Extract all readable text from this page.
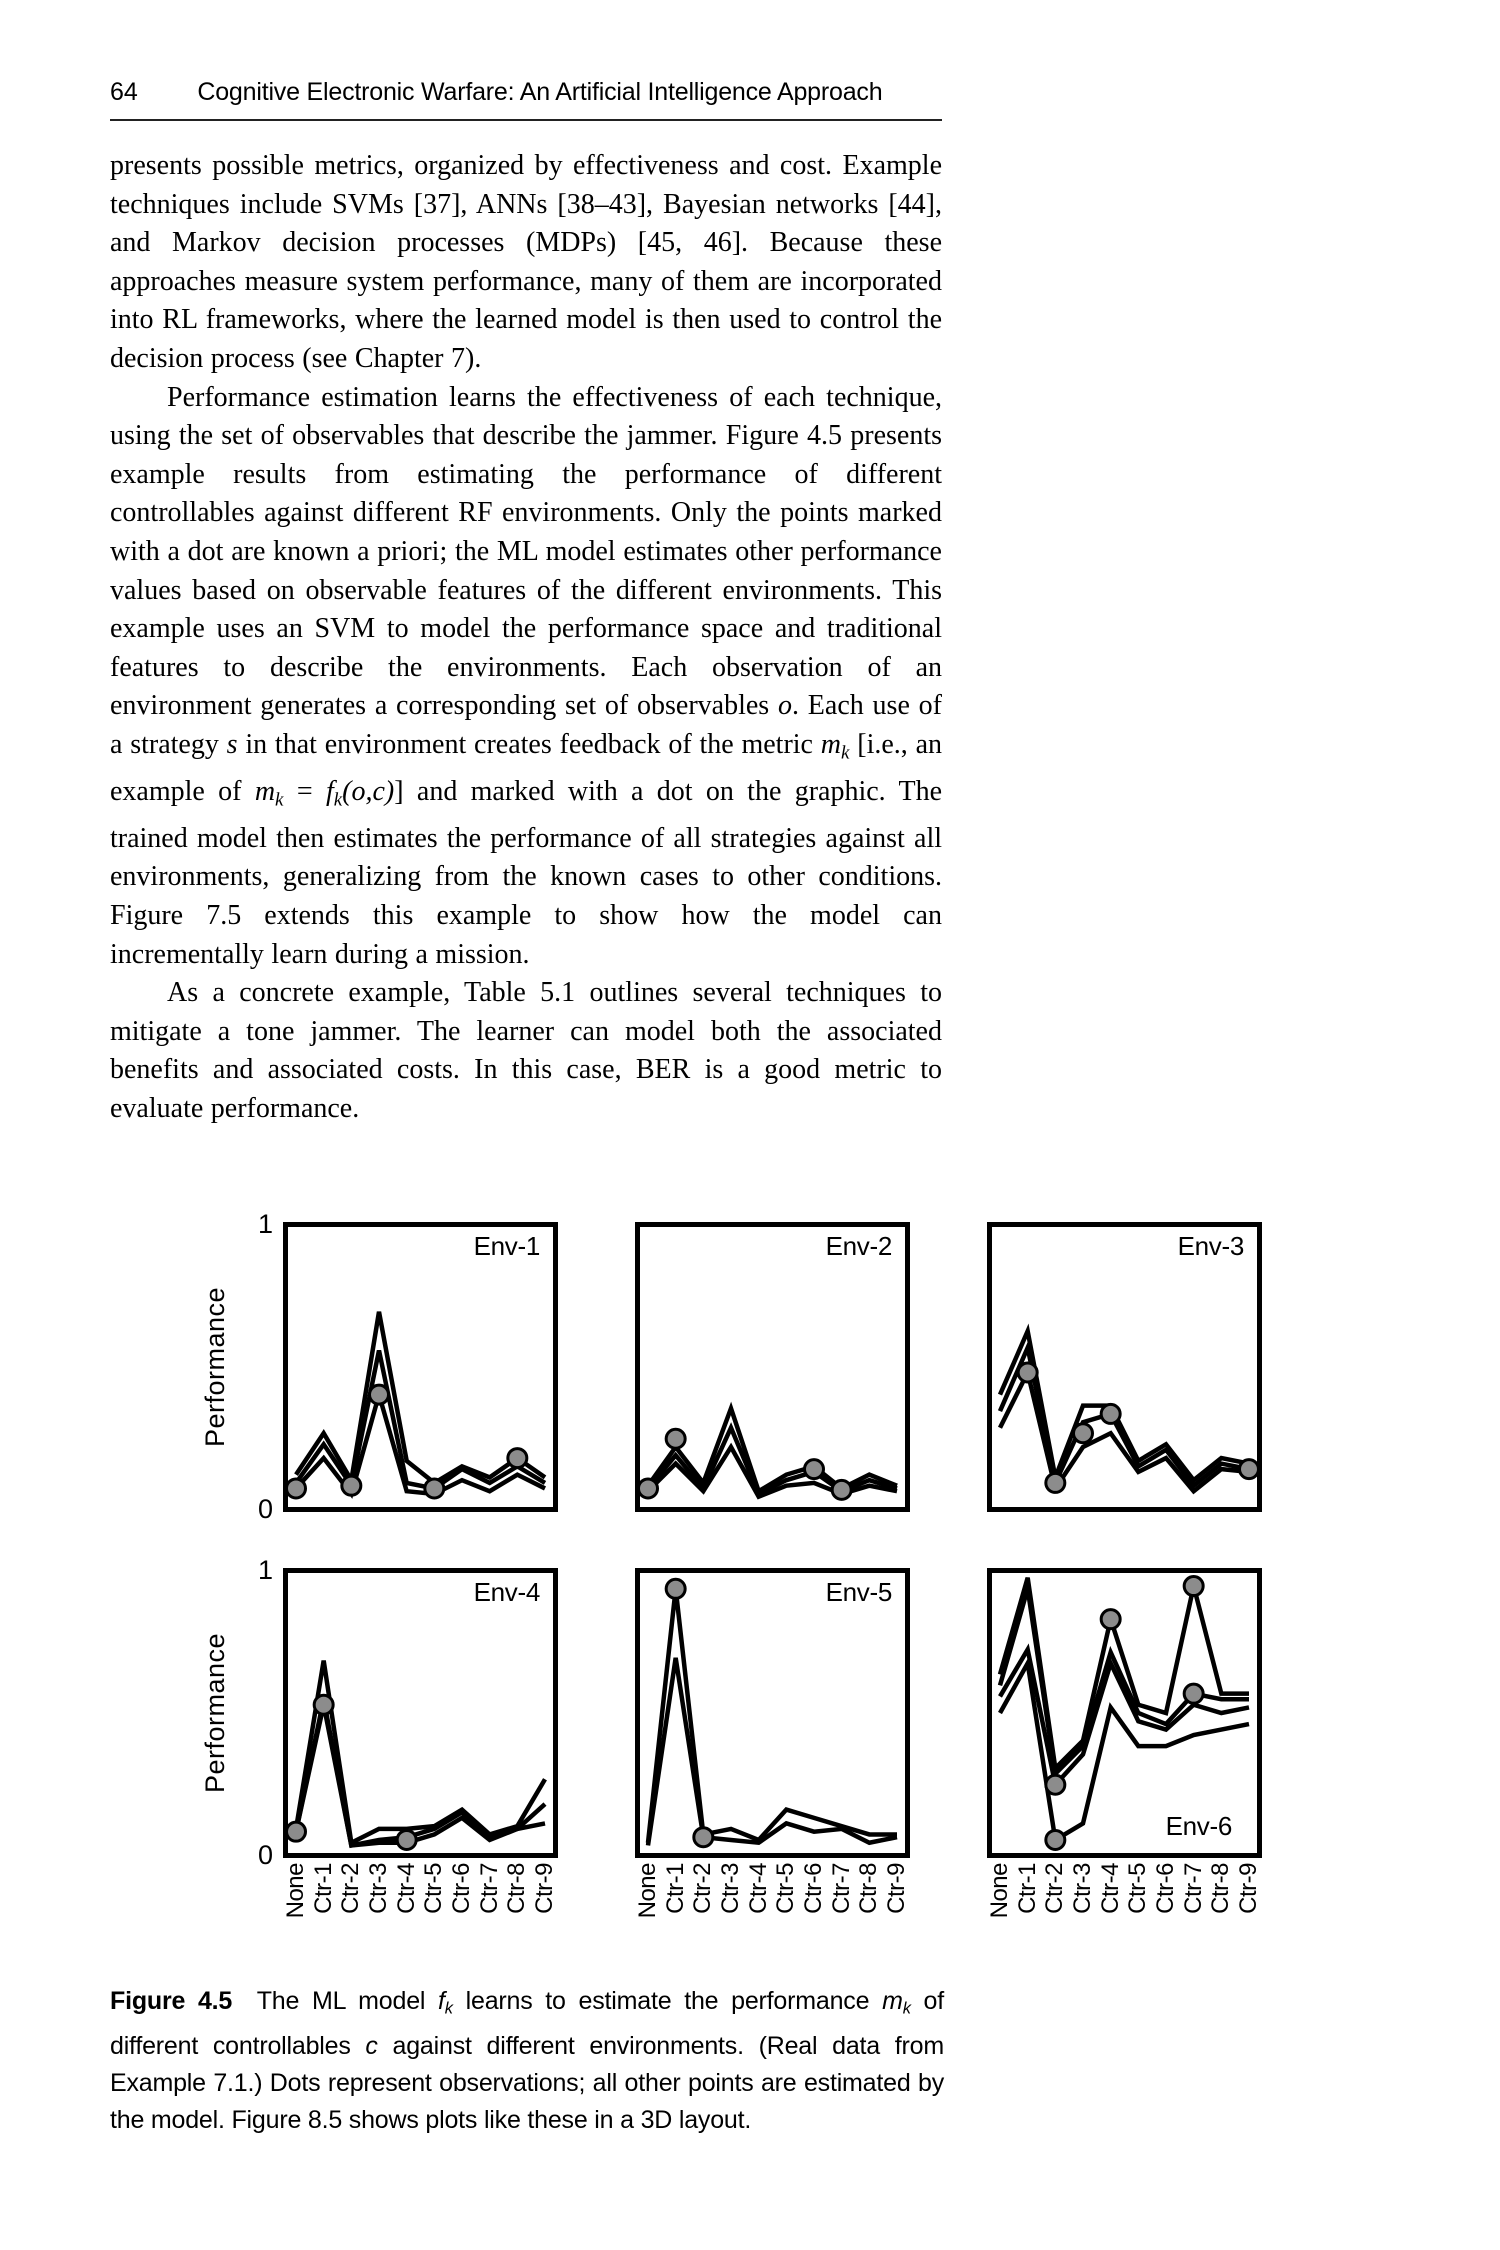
64	Cognitive Electronic Warfare: An Artificial Intelligence Approach

presents possible metrics, organized by effectiveness and cost. Example techniques include SVMs [37], ANNs [38–43], Bayesian networks [44], and Markov decision processes (MDPs) [45, 46]. Because these approaches measure system performance, many of them are incorporated into RL frameworks, where the learned model is then used to control the decision process (see Chapter 7).

Performance estimation learns the effectiveness of each technique, using the set of observables that describe the jammer. Figure 4.5 presents example results from estimating the performance of different controllables against different RF environments. Only the points marked with a dot are known a priori; the ML model estimates other performance values based on observable features of the different environments. This example uses an SVM to model the performance space and traditional features to describe the environments. Each observation of an environment generates a corresponding set of observables o. Each use of a strategy s in that environment creates feedback of the metric mk [i.e., an example of mk = fk(o,c)] and marked with a dot on the graphic. The trained model then estimates the performance of all strategies against all environments, generalizing from the known cases to other conditions. Figure 7.5 extends this example to show how the model can incrementally learn during a mission.

As a concrete example, Table 5.1 outlines several techniques to mitigate a tone jammer. The learner can model both the associated benefits and associated costs. In this case, BER is a good metric to evaluate performance.

1
Performance
0
Env-1	Env-2	Env-3
1
Performance
0
Env-4
None Ctr-1 Ctr-2 Ctr-3 Ctr-4 Ctr-5 Ctr-6 Ctr-7 Ctr-8 Ctr-9
Env-5
None Ctr-1 Ctr-2 Ctr-3 Ctr-4 Ctr-5 Ctr-6 Ctr-7 Ctr-8 Ctr-9
Env-6
None Ctr-1 Ctr-2 Ctr-3 Ctr-4 Ctr-5 Ctr-6 Ctr-7 Ctr-8 Ctr-9

Figure 4.5  The ML model fk learns to estimate the performance mk of different controllables c against different environments. (Real data from Example 7.1.) Dots represent observations; all other points are estimated by the model. Figure 8.5 shows plots like these in a 3D layout.
